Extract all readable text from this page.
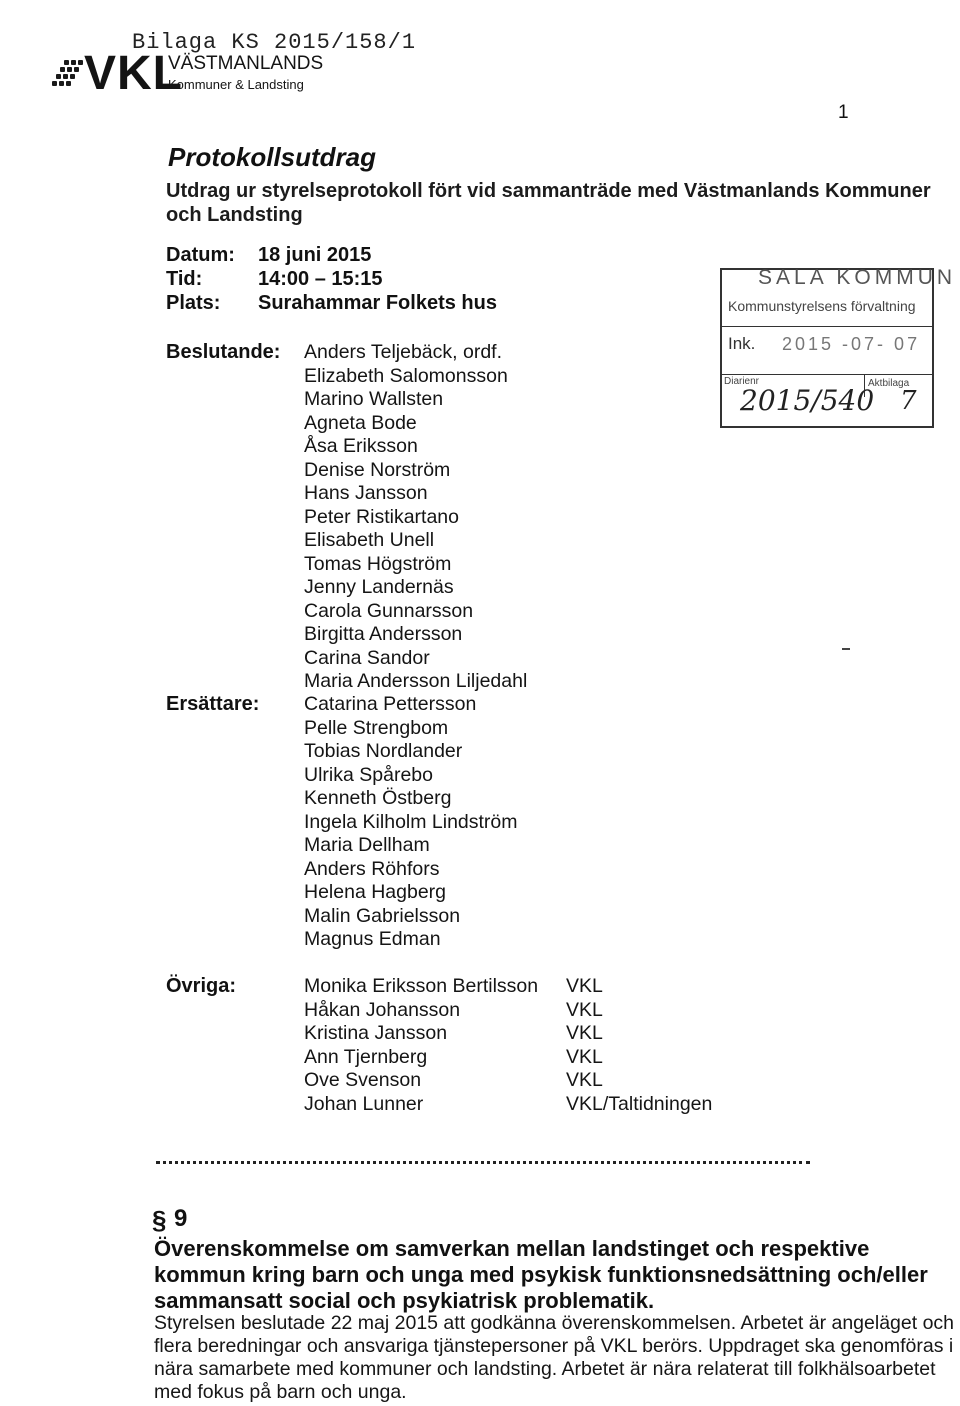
Bilaga KS 2015/158/1
VKL
VÄSTMANLANDS
Kommuner & Landsting
1
Protokollsutdrag
Utdrag ur styrelseprotokoll fört vid sammanträde med Västmanlands Kommuner och Landsting
Datum: 18 juni 2015
Tid:	14:00 – 15:15
Plats: Surahammar Folkets hus
SALA KOMMUN
Kommunstyrelsens förvaltning
Ink. 2015 -07- 07
Diarienr	Aktbilaga
2015/540 7
Beslutande: Anders Teljebäck, ordf.
Elizabeth Salomonsson
Marino Wallsten
Agneta Bode
Åsa Eriksson
Denise Norström
Hans Jansson
Peter Ristikartano
Elisabeth Unell
Tomas Högström
Jenny Landernäs
Carola Gunnarsson
Birgitta Andersson
Carina Sandor
Maria Andersson Liljedahl
Ersättare: Catarina Pettersson
Pelle Strengbom
Tobias Nordlander
Ulrika Spårebo
Kenneth Östberg
Ingela Kilholm Lindström
Maria Dellham
Anders Röhfors
Helena Hagberg
Malin Gabrielsson
Magnus Edman
Övriga:	Monika Eriksson Bertilsson VKL
Håkan Johansson	VKL
Kristina Jansson	VKL
Ann Tjernberg	VKL
Ove Svenson	VKL
Johan Lunner	VKL/Taltidningen
§ 9
Överenskommelse om samverkan mellan landstinget och respektive kommun kring barn och unga med psykisk funktionsnedsättning och/eller sammansatt social och psykiatrisk problematik.
Styrelsen beslutade 22 maj 2015 att godkänna överenskommelsen. Arbetet är angeläget och flera beredningar och ansvariga tjänstepersoner på VKL berörs. Uppdraget ska genomföras i nära samarbete med kommuner och landsting. Arbetet är nära relaterat till folkhälsoarbetet med fokus på barn och unga.
